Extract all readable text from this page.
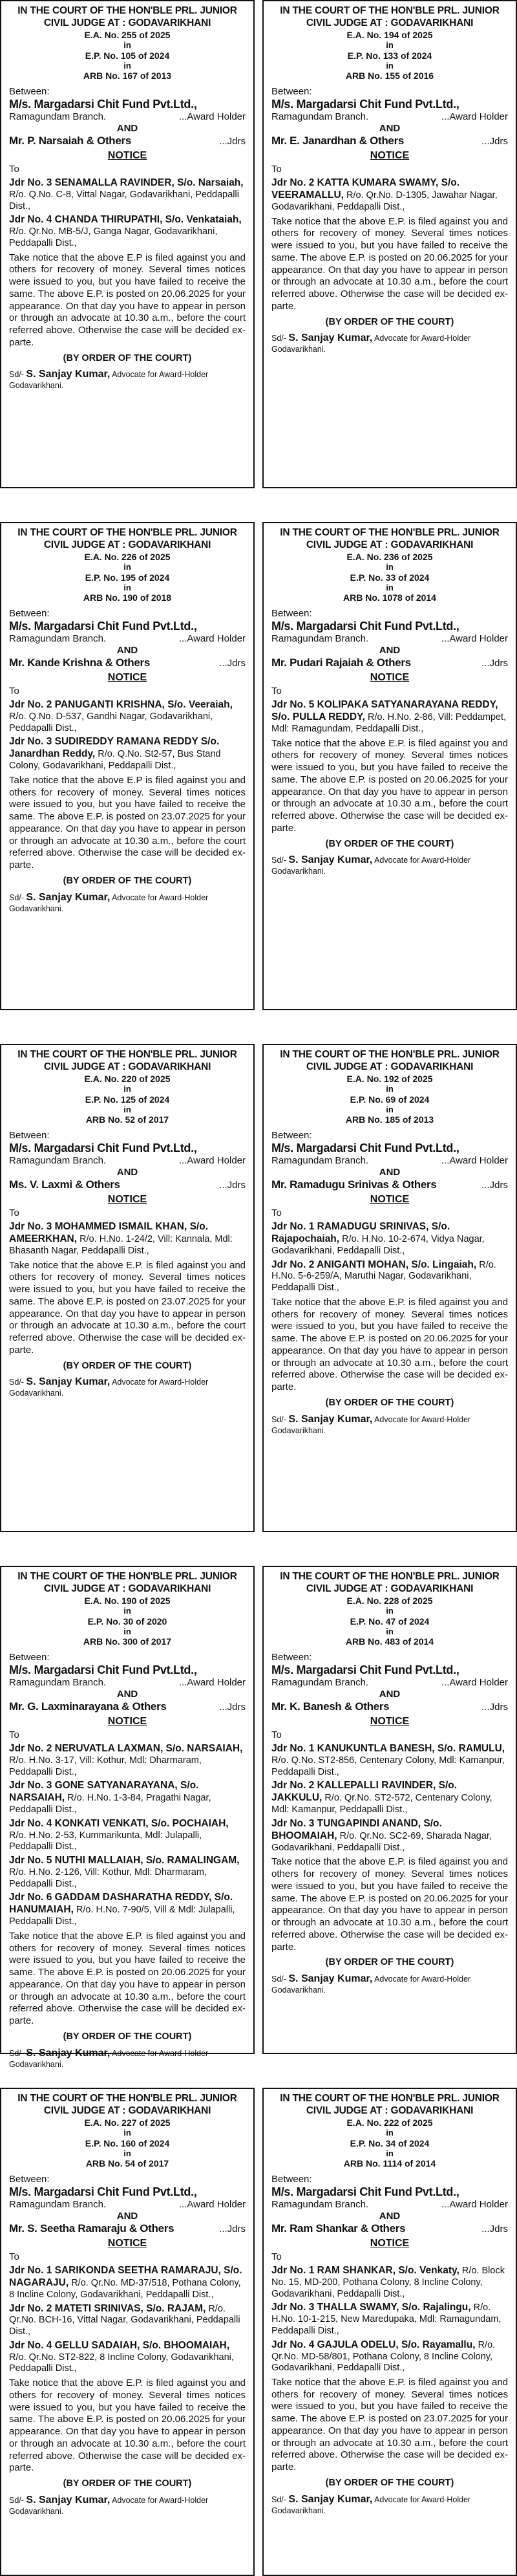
IN THE COURT OF THE HON'BLE PRL. JUNIOR CIVIL JUDGE AT : GODAVARIKHANI
E.A. No. 255 of 2025
in
E.P. No. 105 of 2024
in
ARB No. 167 of 2013
Between:
M/s. Margadarsi Chit Fund Pvt.Ltd.,
Ramagundam Branch.	...Award Holder
AND
Mr. P. Narsaiah & Others	...Jdrs
NOTICE
To
Jdr No. 3 SENAMALLA RAVINDER, S/o. Narsaiah, R/o. Q.No. C-8, Vittal Nagar, Godavarikhani, Peddapalli Dist.,
Jdr No. 4 CHANDA THIRUPATHI, S/o. Venkataiah, R/o. Qr.No. MB-5/J, Ganga Nagar, Godavarikhani, Peddapalli Dist.,
Take notice that the above E.P is filed against you and others for recovery of money. Several times notices were issued to you, but you have failed to receive the same. The above E.P. is posted on 20.06.2025 for your appearance. On that day you have to appear in person or through an advocate at 10.30 a.m., before the court referred above. Otherwise the case will be decided ex-parte.
(BY ORDER OF THE COURT)
Sd/- S. Sanjay Kumar, Advocate for Award-Holder
Godavarikhani.
IN THE COURT OF THE HON'BLE PRL. JUNIOR CIVIL JUDGE AT : GODAVARIKHANI
E.A. No. 194 of 2025
in
E.P. No. 133 of 2024
in
ARB No. 155 of 2016
Between:
M/s. Margadarsi Chit Fund Pvt.Ltd.,
Ramagundam Branch.	...Award Holder
AND
Mr. E. Janardhan & Others	...Jdrs
NOTICE
To
Jdr No. 2 KATTA KUMARA SWAMY, S/o. VEERAMALLU, R/o. Qr.No. D-1305, Jawahar Nagar, Godavarikhani, Peddapalli Dist.,
Take notice that the above E.P. is filed against you and others for recovery of money. Several times notices were issued to you, but you have failed to receive the same. The above E.P. is posted on 20.06.2025 for your appearance. On that day you have to appear in person or through an advocate at 10.30 a.m., before the court referred above. Otherwise the case will be decided ex-parte.
(BY ORDER OF THE COURT)
Sd/- S. Sanjay Kumar, Advocate for Award-Holder
Godavarikhani.
IN THE COURT OF THE HON'BLE PRL. JUNIOR CIVIL JUDGE AT : GODAVARIKHANI
E.A. No. 226 of 2025
in
E.P. No. 195 of 2024
in
ARB No. 190 of 2018
Between:
M/s. Margadarsi Chit Fund Pvt.Ltd.,
Ramagundam Branch.	...Award Holder
AND
Mr. Kande Krishna & Others	...Jdrs
NOTICE
To
Jdr No. 2 PANUGANTI KRISHNA, S/o. Veeraiah, R/o. Q.No. D-537, Gandhi Nagar, Godavarikhani, Peddapalli Dist.,
Jdr No. 3 SUDIREDDY RAMANA REDDY S/o. Janardhan Reddy, R/o. Q.No. St2-57, Bus Stand Colony, Godavarikhani, Peddapalli Dist.,
Take notice that the above E.P is filed against you and others for recovery of money. Several times notices were issued to you, but you have failed to receive the same. The above E.P. is posted on 23.07.2025 for your appearance. On that day you have to appear in person or through an advocate at 10.30 a.m., before the court referred above. Otherwise the case will be decided ex-parte.
(BY ORDER OF THE COURT)
Sd/- S. Sanjay Kumar, Advocate for Award-Holder
Godavarikhani.
IN THE COURT OF THE HON'BLE PRL. JUNIOR CIVIL JUDGE AT : GODAVARIKHANI
E.A. No. 236 of 2025
in
E.P. No. 33 of 2024
in
ARB No. 1078 of 2014
Between:
M/s. Margadarsi Chit Fund Pvt.Ltd.,
Ramagundam Branch.	...Award Holder
AND
Mr. Pudari Rajaiah & Others	...Jdrs
NOTICE
To
Jdr No. 5 KOLIPAKA SATYANARAYANA REDDY, S/o. PULLA REDDY, R/o. H.No. 2-86, Vill: Peddampet, Mdl: Ramagundam, Peddapalli Dist.,
Take notice that the above E.P. is filed against you and others for recovery of money. Several times notices were issued to you, but you have failed to receive the same. The above E.P. is posted on 20.06.2025 for your appearance. On that day you have to appear in person or through an advocate at 10.30 a.m., before the court referred above. Otherwise the case will be decided ex-parte.
(BY ORDER OF THE COURT)
Sd/- S. Sanjay Kumar, Advocate for Award-Holder
Godavarikhani.
IN THE COURT OF THE HON'BLE PRL. JUNIOR CIVIL JUDGE AT : GODAVARIKHANI
E.A. No. 220 of 2025
in
E.P. No. 125 of 2024
in
ARB No. 52 of 2017
Between:
M/s. Margadarsi Chit Fund Pvt.Ltd.,
Ramagundam Branch.	...Award Holder
AND
Ms. V. Laxmi & Others	...Jdrs
NOTICE
To
Jdr No. 3 MOHAMMED ISMAIL KHAN, S/o. AMEERKHAN, R/o. H.No. 1-24/2, Vill: Kannala, Mdl: Bhasanth Nagar, Peddapalli Dist.,
Take notice that the above E.P. is filed against you and others for recovery of money. Several times notices were issued to you, but you have failed to receive the same. The above E.P. is posted on 23.07.2025 for your appearance. On that day you have to appear in person or through an advocate at 10.30 a.m., before the court referred above. Otherwise the case will be decided ex-parte.
(BY ORDER OF THE COURT)
Sd/- S. Sanjay Kumar, Advocate for Award-Holder
Godavarikhani.
IN THE COURT OF THE HON'BLE PRL. JUNIOR CIVIL JUDGE AT : GODAVARIKHANI
E.A. No. 192 of 2025
in
E.P. No. 69 of 2024
in
ARB No. 185 of 2013
Between:
M/s. Margadarsi Chit Fund Pvt.Ltd.,
Ramagundam Branch.	...Award Holder
AND
Mr. Ramadugu Srinivas & Others	...Jdrs
NOTICE
To
Jdr No. 1 RAMADUGU SRINIVAS, S/o. Rajapochaiah, R/o. H.No. 10-2-674, Vidya Nagar, Godavarikhani, Peddapalli Dist.,
Jdr No. 2 ANIGANTI MOHAN, S/o. Lingaiah, R/o. H.No. 5-6-259/A, Maruthi Nagar, Godavarikhani, Peddapalli Dist.,
Take notice that the above E.P. is filed against you and others for recovery of money. Several times notices were issued to you, but you have failed to receive the same. The above E.P. is posted on 20.06.2025 for your appearance. On that day you have to appear in person or through an advocate at 10.30 a.m., before the court referred above. Otherwise the case will be decided ex-parte.
(BY ORDER OF THE COURT)
Sd/- S. Sanjay Kumar, Advocate for Award-Holder
Godavarikhani.
IN THE COURT OF THE HON'BLE PRL. JUNIOR CIVIL JUDGE AT : GODAVARIKHANI
E.A. No. 190 of 2025
in
E.P. No. 30 of 2020
in
ARB No. 300 of 2017
Between:
M/s. Margadarsi Chit Fund Pvt.Ltd.,
Ramagundam Branch.	...Award Holder
AND
Mr. G. Laxminarayana & Others	...Jdrs
NOTICE
To
Jdr No. 2 NERUVATLA LAXMAN, S/o. NARSAIAH, R/o. H.No. 3-17, Vill: Kothur, Mdl: Dharmaram, Peddapalli Dist.,
Jdr No. 3 GONE SATYANARAYANA, S/o. NARSAIAH, R/o. H.No. 1-3-84, Pragathi Nagar, Peddapalli Dist.,
Jdr No. 4 KONKATI VENKATI, S/o. POCHAIAH, R/o. H.No. 2-53, Kummarikunta, Mdl: Julapalli, Peddapalli Dist.,
Jdr No. 5 NUTHI MALLAIAH, S/o. RAMALINGAM, R/o. H.No. 2-126, Vill: Kothur, Mdl: Dharmaram, Peddapalli Dist.,
Jdr No. 6 GADDAM DASHARATHA REDDY, S/o. HANUMAIAH, R/o. H.No. 7-90/5, Vill & Mdl: Julapalli, Peddapalli Dist.,
Take notice that the above E.P. is filed against you and others for recovery of money. Several times notices were issued to you, but you have failed to receive the same. The above E.P. is posted on 20.06.2025 for your appearance. On that day you have to appear in person or through an advocate at 10.30 a.m., before the court referred above. Otherwise the case will be decided ex-parte.
(BY ORDER OF THE COURT)
Sd/- S. Sanjay Kumar, Advocate for Award-Holder
Godavarikhani.
IN THE COURT OF THE HON'BLE PRL. JUNIOR CIVIL JUDGE AT : GODAVARIKHANI
E.A. No. 228 of 2025
in
E.P. No. 47 of 2024
in
ARB No. 483 of 2014
Between:
M/s. Margadarsi Chit Fund Pvt.Ltd.,
Ramagundam Branch.	...Award Holder
AND
Mr. K. Banesh & Others	...Jdrs
NOTICE
To
Jdr No. 1 KANUKUNTLA BANESH, S/o. RAMULU, R/o. Q.No. ST2-856, Centenary Colony, Mdl: Kamanpur, Peddapalli Dist.,
Jdr No. 2 KALLEPALLI RAVINDER, S/o. JAKKULU, R/o. Qr.No. ST2-572, Centenary Colony, Mdl: Kamanpur, Peddapalli Dist.,
Jdr No. 3 TUNGAPINDI ANAND, S/o. BHOOMAIAH, R/o. Qr.No. SC2-69, Sharada Nagar, Godavarikhani, Peddapalli Dist.,
Take notice that the above E.P. is filed against you and others for recovery of money. Several times notices were issued to you, but you have failed to receive the same. The above E.P. is posted on 20.06.2025 for your appearance. On that day you have to appear in person or through an advocate at 10.30 a.m., before the court referred above. Otherwise the case will be decided ex-parte.
(BY ORDER OF THE COURT)
Sd/- S. Sanjay Kumar, Advocate for Award-Holder
Godavarikhani.
IN THE COURT OF THE HON'BLE PRL. JUNIOR CIVIL JUDGE AT : GODAVARIKHANI
E.A. No. 227 of 2025
in
E.P. No. 160 of 2024
in
ARB No. 54 of 2017
Between:
M/s. Margadarsi Chit Fund Pvt.Ltd.,
Ramagundam Branch.	...Award Holder
AND
Mr. S. Seetha Ramaraju & Others	...Jdrs
NOTICE
To
Jdr No. 1 SARIKONDA SEETHA RAMARAJU, S/o. NAGARAJU, R/o. Qr.No. MD-37/518, Pothana Colony, 8 Incline Colony, Godavarikhani, Peddapalli Dist.,
Jdr No. 2 MATETI SRINIVAS, S/o. RAJAM, R/o. Qr.No. BCH-16, Vittal Nagar, Godavarikhani, Peddapalli Dist.,
Jdr No. 4 GELLU SADAIAH, S/o. BHOOMAIAH, R/o. Qr.No. ST2-822, 8 Incline Colony, Godavarikhani, Peddapalli Dist.,
Take notice that the above E.P. is filed against you and others for recovery of money. Several times notices were issued to you, but you have failed to receive the same. The above E.P. is posted on 20.06.2025 for your appearance. On that day you have to appear in person or through an advocate at 10.30 a.m., before the court referred above. Otherwise the case will be decided ex-parte.
(BY ORDER OF THE COURT)
Sd/- S. Sanjay Kumar, Advocate for Award-Holder
Godavarikhani.
IN THE COURT OF THE HON'BLE PRL. JUNIOR CIVIL JUDGE AT : GODAVARIKHANI
E.A. No. 222 of 2025
in
E.P. No. 34 of 2024
in
ARB No. 1114 of 2014
Between:
M/s. Margadarsi Chit Fund Pvt.Ltd.,
Ramagundam Branch.	...Award Holder
AND
Mr. Ram Shankar & Others	...Jdrs
NOTICE
To
Jdr No. 1 RAM SHANKAR, S/o. Venkaty, R/o. Block No. 15, MD-200, Pothana Colony, 8 Incline Colony, Godavarikhani, Peddapalli Dist.,
Jdr No. 3 THALLA SWAMY, S/o. Rajalingu, R/o. H.No. 10-1-215, New Maredupaka, Mdl: Ramagundam, Peddapalli Dist.,
Jdr No. 4 GAJULA ODELU, S/o. Rayamallu, R/o. Qr.No. MD-58/801, Pothana Colony, 8 Incline Colony, Godavarikhani, Peddapalli Dist.,
Take notice that the above E.P. is filed against you and others for recovery of money. Several times notices were issued to you, but you have failed to receive the same. The above E.P. is posted on 23.07.2025 for your appearance. On that day you have to appear in person or through an advocate at 10.30 a.m., before the court referred above. Otherwise the case will be decided ex-parte.
(BY ORDER OF THE COURT)
Sd/- S. Sanjay Kumar, Advocate for Award-Holder
Godavarikhani.
